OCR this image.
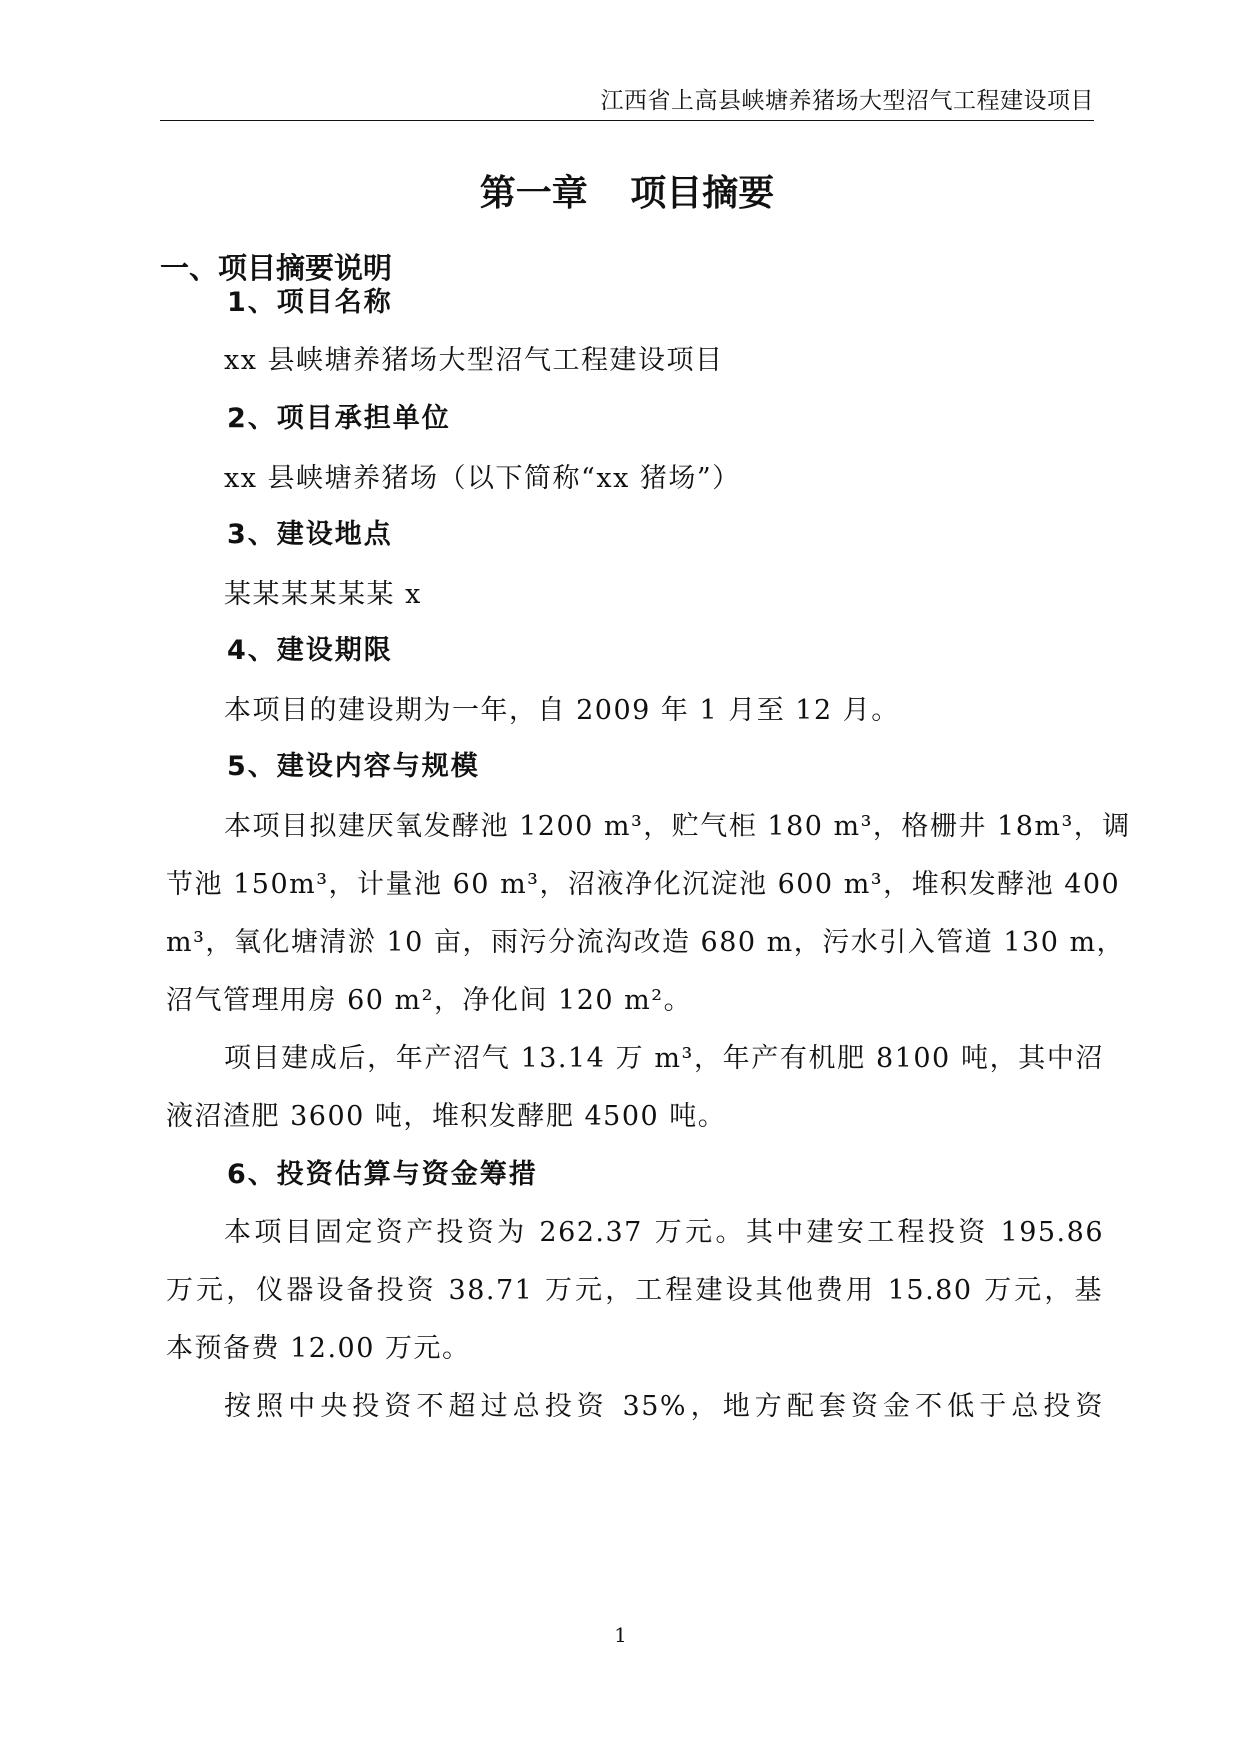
江西省上高县峡塘养猪场大型沼气工程建设项目
第一章 项目摘要
一、项目摘要说明
1、项目名称
xx 县峡塘养猪场大型沼气工程建设项目
2、项目承担单位
xx 县峡塘养猪场（以下简称“xx 猪场”）
3、建设地点
某某某某某某 x
4、建设期限
本项目的建设期为一年，自 2009 年 1 月至 12 月。
5、建设内容与规模
本项目拟建厌氧发酵池 1200 m³，贮气柜 180 m³，格栅井 18m³，调
节池 150m³，计量池 60 m³，沼液净化沉淀池 600 m³，堆积发酵池 400
m³，氧化塘清淤 10 亩，雨污分流沟改造 680 m，污水引入管道 130 m，
沼气管理用房 60 m²，净化间 120 m²。
项目建成后，年产沼气 13.14 万 m³，年产有机肥 8100 吨，其中沼
液沼渣肥 3600 吨，堆积发酵肥 4500 吨。
6、投资估算与资金筹措
本项目固定资产投资为 262.37 万元。其中建安工程投资 195.86
万元，仪器设备投资 38.71 万元，工程建设其他费用 15.80 万元，基
本预备费 12.00 万元。
按照中央投资不超过总投资 35%，地方配套资金不低于总投资
1
